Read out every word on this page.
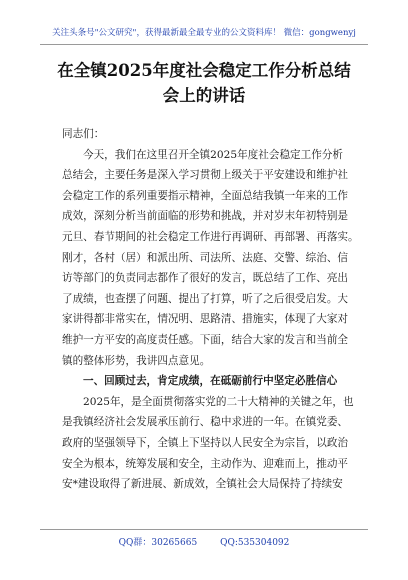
关注头条号"公文研究"，获得最新最全最专业的公文资料库！ 微信：gongwenyj
在全镇2025年度社会稳定工作分析总结
会上的讲话
同志们：
今天，我们在这里召开全镇2025年度社会稳定工作分析
总结会，主要任务是深入学习贯彻上级关于平安建设和维护社
会稳定工作的系列重要指示精神，全面总结我镇一年来的工作
成效，深刻分析当前面临的形势和挑战，并对岁末年初特别是
元旦、春节期间的社会稳定工作进行再调研、再部署、再落实。
刚才，各村（居）和派出所、司法所、法庭、交警、综治、信
访等部门的负责同志都作了很好的发言，既总结了工作、亮出
了成绩，也查摆了问题、提出了打算，听了之后很受启发。大
家讲得都非常实在，情况明、思路清、措施实，体现了大家对
维护一方平安的高度责任感。下面，结合大家的发言和当前全
镇的整体形势，我讲四点意见。
一、回顾过去，肯定成绩，在砥砺前行中坚定必胜信心
2025年，是全面贯彻落实党的二十大精神的关键之年，也
是我镇经济社会发展承压前行、稳中求进的一年。在镇党委、
政府的坚强领导下，全镇上下坚持以人民安全为宗旨，以政治
安全为根本，统筹发展和安全，主动作为、迎难而上，推动平
安*建设取得了新进展、新成效，全镇社会大局保持了持续安
QQ群：30265665	QQ:535304092
